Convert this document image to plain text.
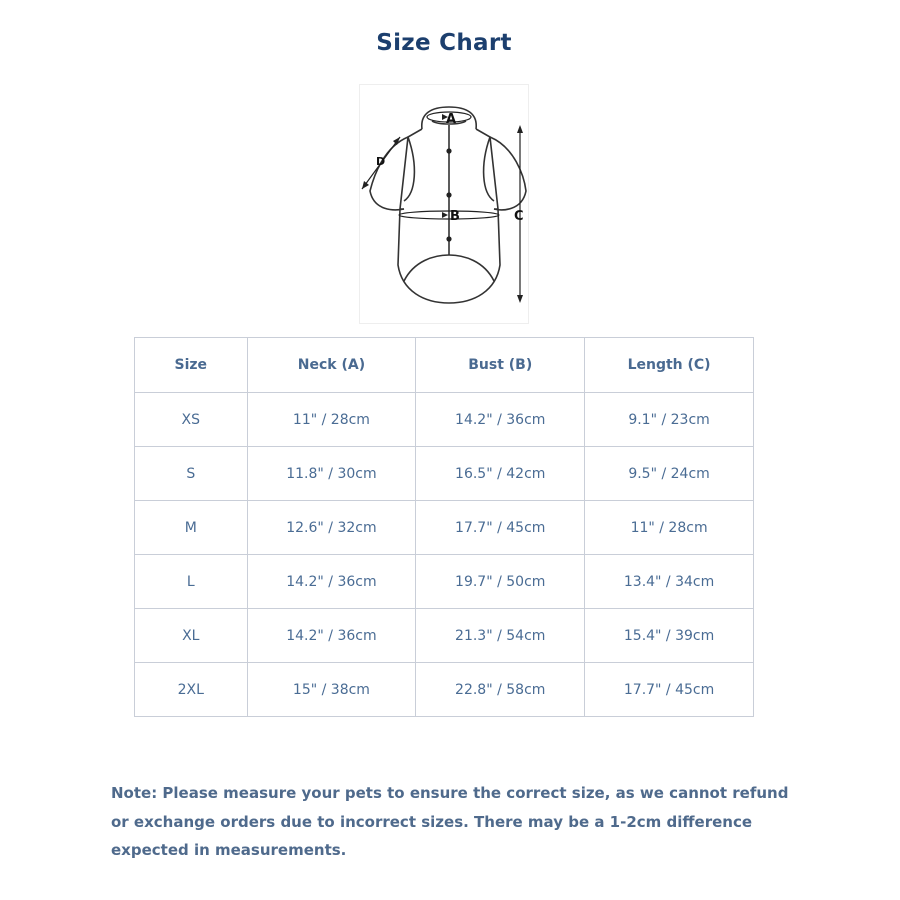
Size Chart
A
B	C
D
Size	Neck (A)	Bust (B)	Length (C)
XS	11" / 28cm	14.2" / 36cm	9.1" / 23cm
S	11.8" / 30cm	16.5" / 42cm	9.5" / 24cm
M	12.6" / 32cm	17.7" / 45cm	11" / 28cm
L	14.2" / 36cm	19.7" / 50cm	13.4" / 34cm
XL	14.2" / 36cm	21.3" / 54cm	15.4" / 39cm
2XL	15" / 38cm	22.8" / 58cm	17.7" / 45cm
Note: Please measure your pets to ensure the correct size, as we cannot refund or exchange orders due to incorrect sizes. There may be a 1-2cm difference expected in measurements.
